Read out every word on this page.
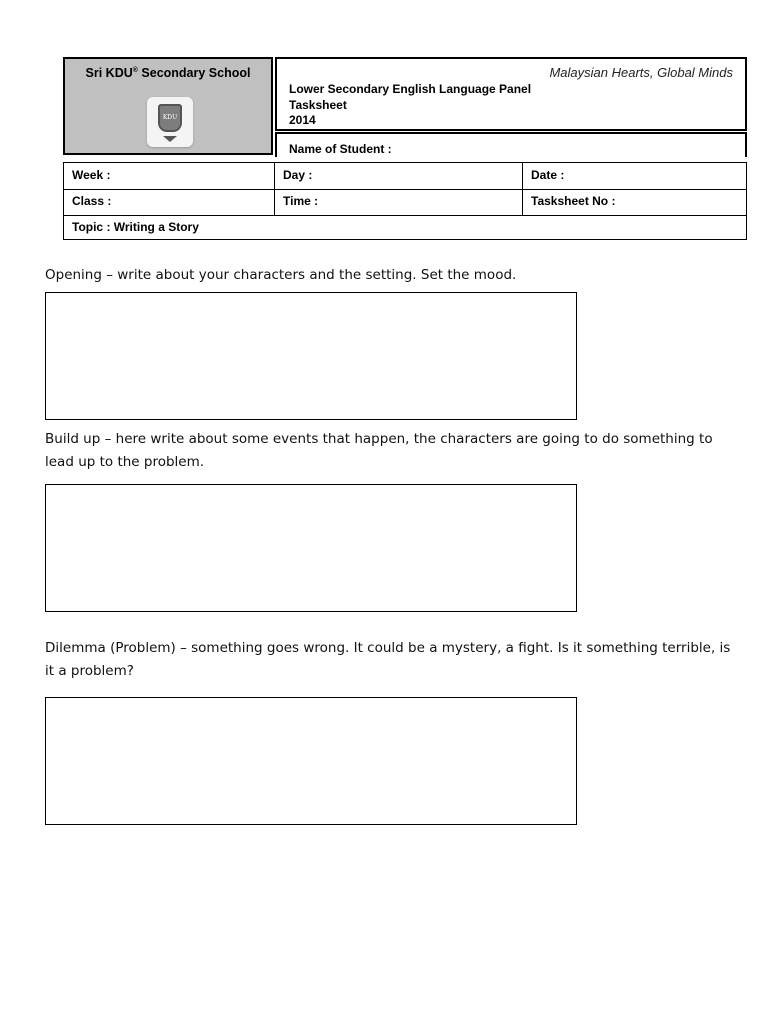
Sri KDU® Secondary School
KDU
Malaysian Hearts, Global Minds
Lower Secondary English Language Panel
Tasksheet
2014
Name of Student :
Week :	Day :	Date :
Class :	Time :	Tasksheet No :
Topic : Writing a Story
Opening – write about your characters and the setting. Set the mood.
Build up – here write about some events that happen, the characters are going to do something to lead up to the problem.
Dilemma (Problem) – something goes wrong. It could be a mystery, a fight. Is it something terrible, is it a problem?
